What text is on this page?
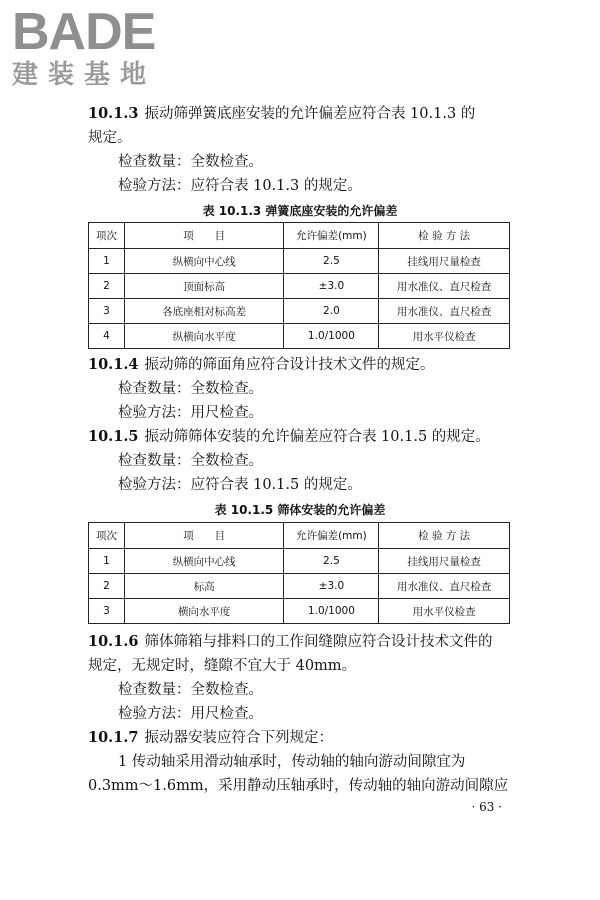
BADE
建装基地
10.1.3 振动筛弹簧底座安装的允许偏差应符合表 10.1.3 的
规定。
检查数量：全数检查。
检验方法：应符合表 10.1.3 的规定。
表 10.1.3 弹簧底座安装的允许偏差
项次	项　　目	允许偏差(mm)	检 验 方 法
1	纵横向中心线	2.5	挂线用尺量检查
2	顶面标高	±3.0	用水准仪、直尺检查
3	各底座相对标高差	2.0	用水准仪、直尺检查
4	纵横向水平度	1.0/1000	用水平仪检查
10.1.4 振动筛的筛面角应符合设计技术文件的规定。
检查数量：全数检查。
检验方法：用尺检查。
10.1.5 振动筛筛体安装的允许偏差应符合表 10.1.5 的规定。
检查数量：全数检查。
检验方法：应符合表 10.1.5 的规定。
表 10.1.5 筛体安装的允许偏差
项次	项　　目	允许偏差(mm)	检 验 方 法
1	纵横向中心线	2.5	挂线用尺量检查
2	标高	±3.0	用水准仪、直尺检查
3	横向水平度	1.0/1000	用水平仪检查
10.1.6 筛体筛箱与排料口的工作间缝隙应符合设计技术文件的
规定，无规定时，缝隙不宜大于 40mm。
检查数量：全数检查。
检验方法：用尺检查。
10.1.7 振动器安装应符合下列规定：
1 传动轴采用滑动轴承时，传动轴的轴向游动间隙宜为
0.3mm～1.6mm，采用静动压轴承时，传动轴的轴向游动间隙应
· 63 ·
